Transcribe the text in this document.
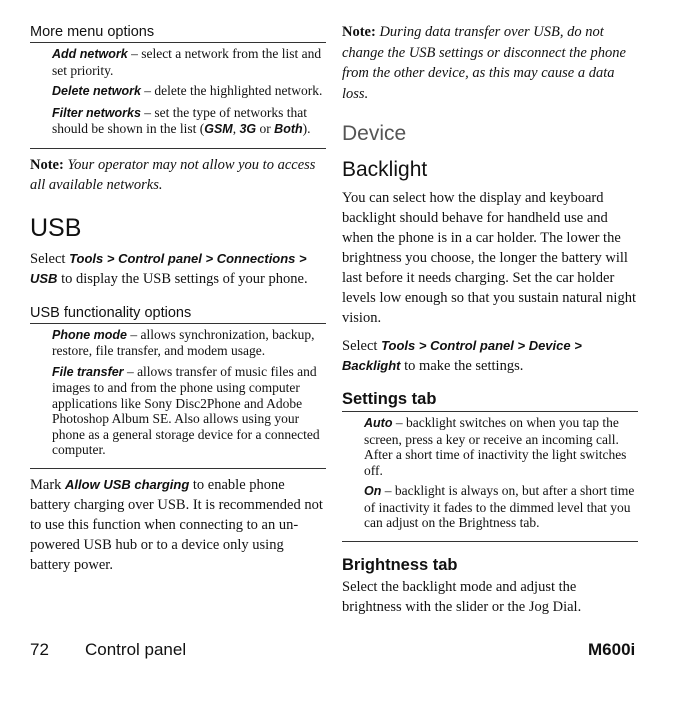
More menu options
Add network – select a network from the list and set priority.
Delete network – delete the highlighted network.
Filter networks – set the type of networks that should be shown in the list (GSM, 3G or Both).

Note: Your operator may not allow you to access all available networks.

USB

Select Tools > Control panel > Connections > USB to display the USB settings of your phone.

USB functionality options
Phone mode – allows synchronization, backup, restore, file transfer, and modem usage.
File transfer – allows transfer of music files and images to and from the phone using computer applications like Sony Disc2Phone and Adobe Photoshop Album SE. Also allows using your phone as a general storage device for a connected computer.

Mark Allow USB charging to enable phone battery charging over USB. It is recommended not to use this function when connecting to an un-powered USB hub or to a device only using battery power.

Note: During data transfer over USB, do not change the USB settings or disconnect the phone from the other device, as this may cause a data loss.

Device
Backlight

You can select how the display and keyboard backlight should behave for handheld use and when the phone is in a car holder. The lower the brightness you choose, the longer the battery will last before it needs charging. Set the car holder levels low enough so that you sustain natural night vision.

Select Tools > Control panel > Device > Backlight to make the settings.

Settings tab
Auto – backlight switches on when you tap the screen, press a key or receive an incoming call. After a short time of inactivity the light switches off.
On – backlight is always on, but after a short time of inactivity it fades to the dimmed level that you can adjust on the Brightness tab.
Brightness tab

Select the backlight mode and adjust the brightness with the slider or the Jog Dial.

72 Control panel	M600i
